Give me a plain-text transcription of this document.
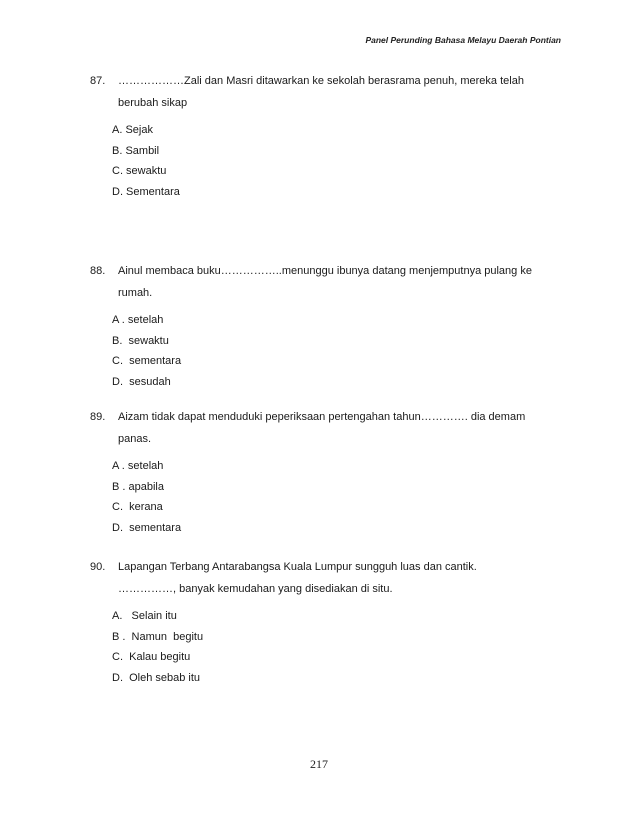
Panel Perunding Bahasa Melayu Daerah Pontian
87. ………………Zali dan Masri ditawarkan ke sekolah berasrama penuh, mereka telah
berubah sikap
A. Sejak
B. Sambil
C. sewaktu
D. Sementara
88. Ainul membaca buku……………..menunggu ibunya datang menjemputnya pulang ke
rumah.
A . setelah
B.  sewaktu
C.  sementara
D.  sesudah
89. Aizam tidak dapat menduduki peperiksaan pertengahan tahun…………. dia demam
panas.
A . setelah
B . apabila
C.  kerana
D.  sementara
90. Lapangan Terbang Antarabangsa Kuala Lumpur sungguh luas dan cantik.
……………, banyak kemudahan yang disediakan di situ.
A.   Selain itu
B .  Namun  begitu
C.  Kalau begitu
D.  Oleh sebab itu
217
